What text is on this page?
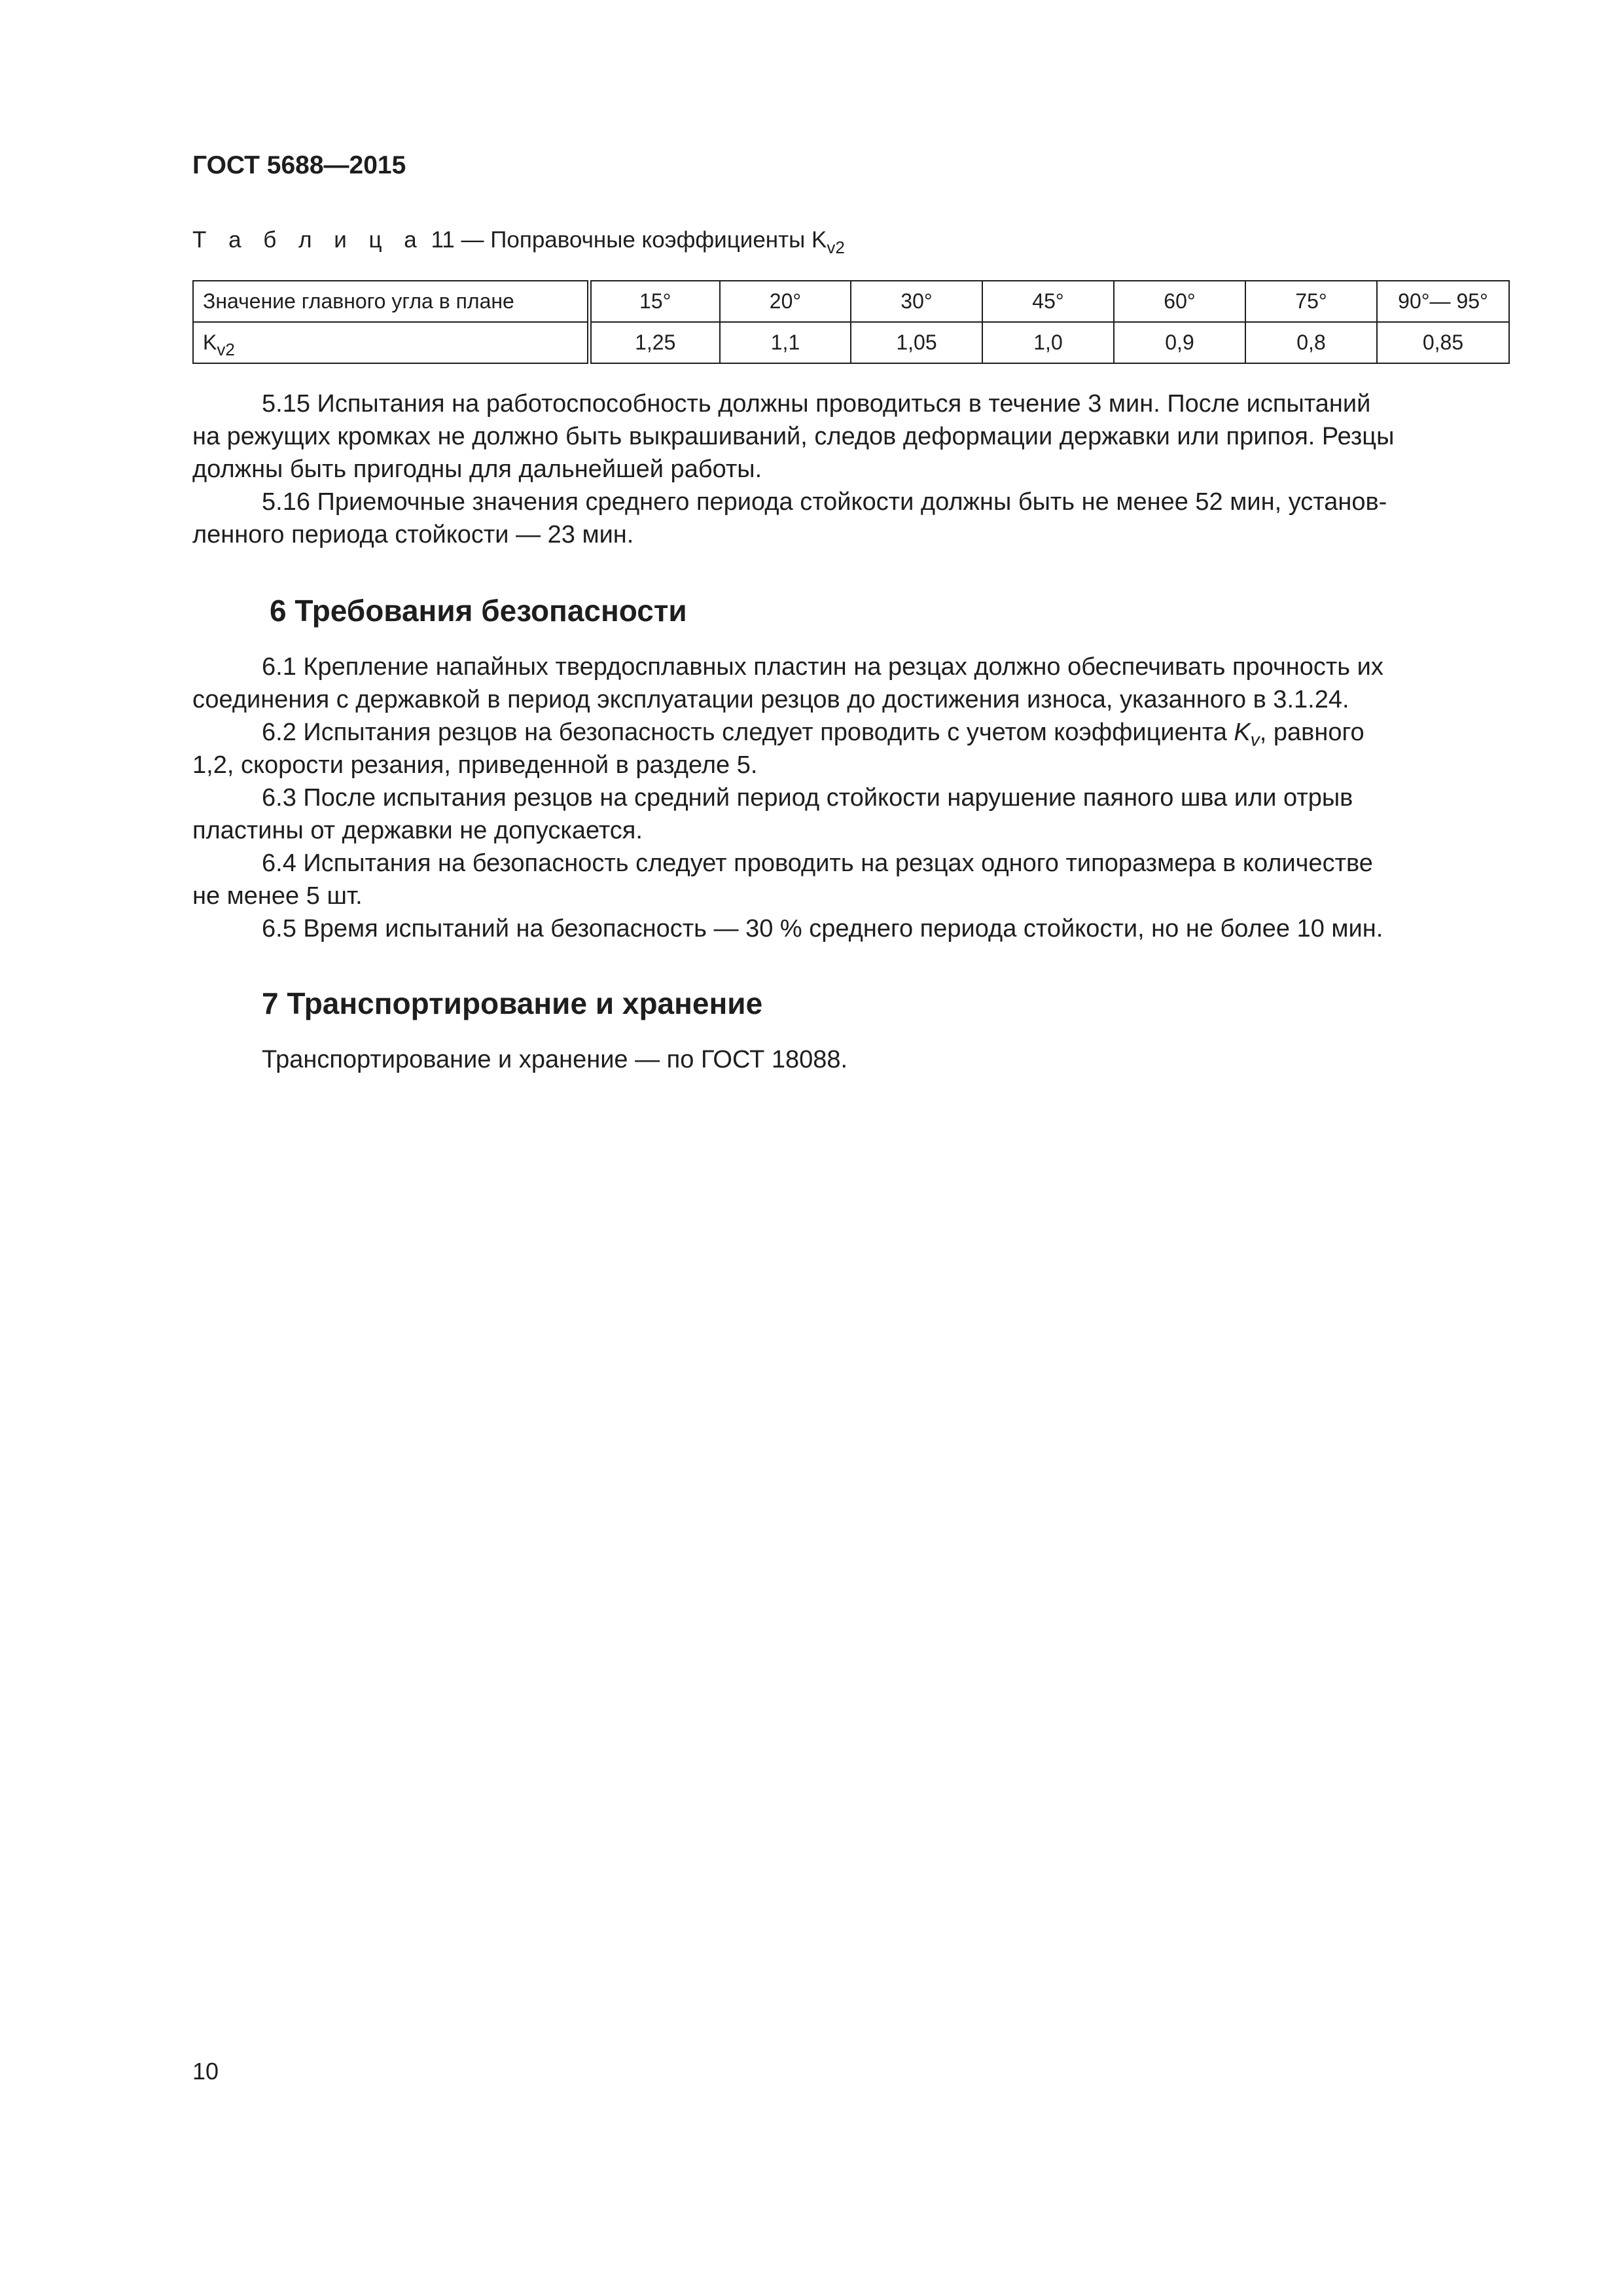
ГОСТ 5688—2015
Т а б л и ц а 11 — Поправочные коэффициенты $K_{v2}$
Значение главного угла в плане	15°	20°	30°	45°	60°	75°	90°— 95°
$K_{v2}$	1,25	1,1	1,05	1,0	0,9	0,8	0,85
5.15 Испытания на работоспособность должны проводиться в течение 3 мин. После испытаний
на режущих кромках не должно быть выкрашиваний, следов деформации державки или припоя. Резцы
должны быть пригодны для дальнейшей работы.
5.16 Приемочные значения среднего периода стойкости должны быть не менее 52 мин, установ-
ленного периода стойкости — 23 мин.
6 Требования безопасности
6.1 Крепление напайных твердосплавных пластин на резцах должно обеспечивать прочность их
соединения с державкой в период эксплуатации резцов до достижения износа, указанного в 3.1.24.
6.2 Испытания резцов на безопасность следует проводить с учетом коэффициента $K_v$, равного
1,2, скорости резания, приведенной в разделе 5.
6.3 После испытания резцов на средний период стойкости нарушение паяного шва или отрыв
пластины от державки не допускается.
6.4 Испытания на безопасность следует проводить на резцах одного типоразмера в количестве
не менее 5 шт.
6.5 Время испытаний на безопасность — 30 % среднего периода стойкости, но не более 10 мин.
7 Транспортирование и хранение
Транспортирование и хранение — по ГОСТ 18088.
10
